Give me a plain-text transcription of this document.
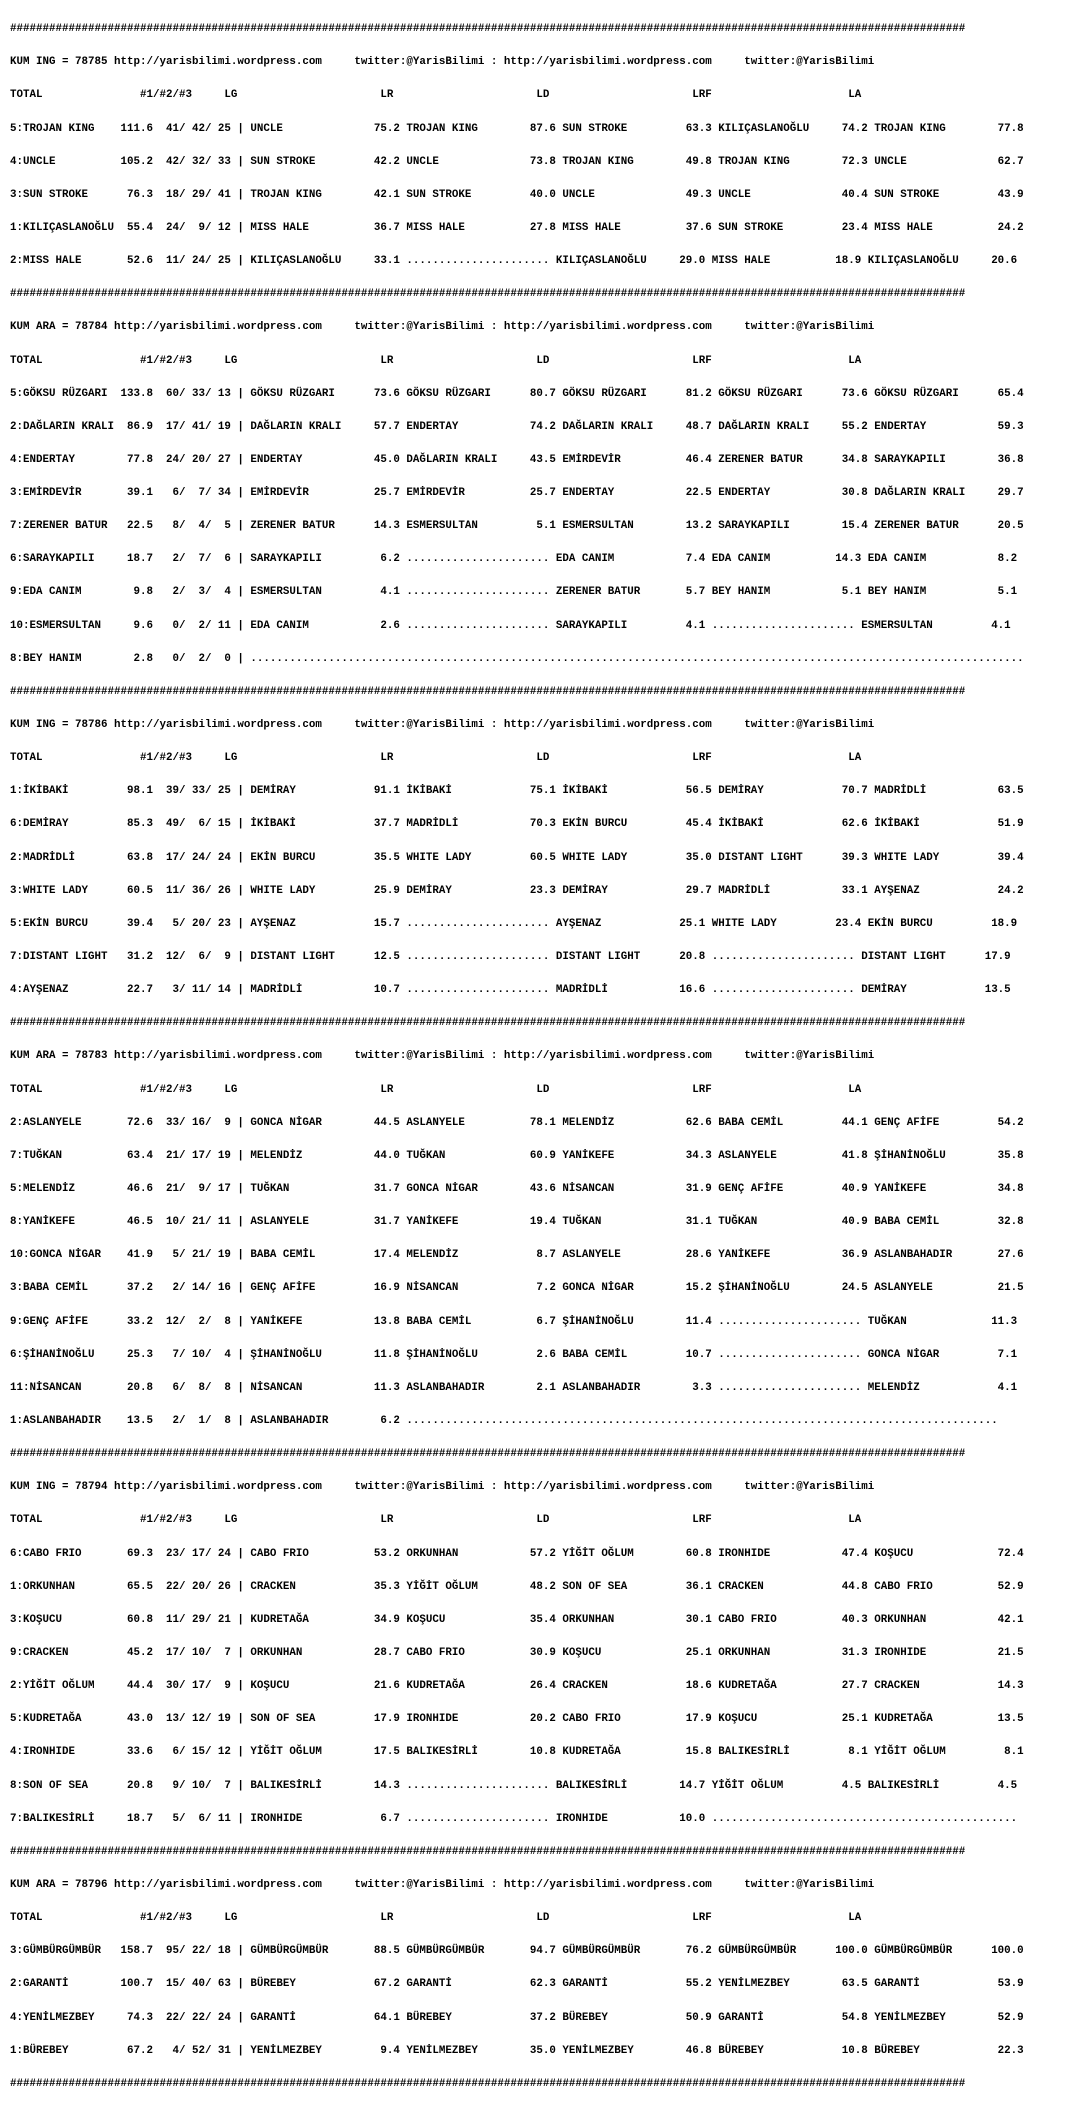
###################################################################################################################################################

KUM ING = 78785 http://yarisbilimi.wordpress.com     twitter:@YarisBilimi : http://yarisbilimi.wordpress.com     twitter:@YarisBilimi

TOTAL               #1/#2/#3     LG                      LR                      LD                      LRF                     LA

5:TROJAN KING    111.6  41/ 42/ 25 | UNCLE              75.2 TROJAN KING        87.6 SUN STROKE         63.3 KILIÇASLANOĞLU     74.2 TROJAN KING        77.8

4:UNCLE          105.2  42/ 32/ 33 | SUN STROKE         42.2 UNCLE              73.8 TROJAN KING        49.8 TROJAN KING        72.3 UNCLE              62.7

3:SUN STROKE      76.3  18/ 29/ 41 | TROJAN KING        42.1 SUN STROKE         40.0 UNCLE              49.3 UNCLE              40.4 SUN STROKE         43.9

1:KILIÇASLANOĞLU  55.4  24/  9/ 12 | MISS HALE          36.7 MISS HALE          27.8 MISS HALE          37.6 SUN STROKE         23.4 MISS HALE          24.2

2:MISS HALE       52.6  11/ 24/ 25 | KILIÇASLANOĞLU     33.1 ...................... KILIÇASLANOĞLU     29.0 MISS HALE          18.9 KILIÇASLANOĞLU     20.6

###################################################################################################################################################

KUM ARA = 78784 http://yarisbilimi.wordpress.com     twitter:@YarisBilimi : http://yarisbilimi.wordpress.com     twitter:@YarisBilimi

TOTAL               #1/#2/#3     LG                      LR                      LD                      LRF                     LA

5:GÖKSU RÜZGARI  133.8  60/ 33/ 13 | GÖKSU RÜZGARI      73.6 GÖKSU RÜZGARI      80.7 GÖKSU RÜZGARI      81.2 GÖKSU RÜZGARI      73.6 GÖKSU RÜZGARI      65.4

2:DAĞLARIN KRALI  86.9  17/ 41/ 19 | DAĞLARIN KRALI     57.7 ENDERTAY           74.2 DAĞLARIN KRALI     48.7 DAĞLARIN KRALI     55.2 ENDERTAY           59.3

4:ENDERTAY        77.8  24/ 20/ 27 | ENDERTAY           45.0 DAĞLARIN KRALI     43.5 EMİRDEVİR          46.4 ZERENER BATUR      34.8 SARAYKAPILI        36.8

3:EMİRDEVİR       39.1   6/  7/ 34 | EMİRDEVİR          25.7 EMİRDEVİR          25.7 ENDERTAY           22.5 ENDERTAY           30.8 DAĞLARIN KRALI     29.7

7:ZERENER BATUR   22.5   8/  4/  5 | ZERENER BATUR      14.3 ESMERSULTAN         5.1 ESMERSULTAN        13.2 SARAYKAPILI        15.4 ZERENER BATUR      20.5

6:SARAYKAPILI     18.7   2/  7/  6 | SARAYKAPILI         6.2 ...................... EDA CANIM           7.4 EDA CANIM          14.3 EDA CANIM           8.2

9:EDA CANIM        9.8   2/  3/  4 | ESMERSULTAN         4.1 ...................... ZERENER BATUR       5.7 BEY HANIM           5.1 BEY HANIM           5.1

10:ESMERSULTAN     9.6   0/  2/ 11 | EDA CANIM           2.6 ...................... SARAYKAPILI         4.1 ...................... ESMERSULTAN         4.1

8:BEY HANIM        2.8   0/  2/  0 | .......................................................................................................................

###################################################################################################################################################

KUM ING = 78786 http://yarisbilimi.wordpress.com     twitter:@YarisBilimi : http://yarisbilimi.wordpress.com     twitter:@YarisBilimi

TOTAL               #1/#2/#3     LG                      LR                      LD                      LRF                     LA

1:İKİBAKİ         98.1  39/ 33/ 25 | DEMİRAY            91.1 İKİBAKİ            75.1 İKİBAKİ            56.5 DEMİRAY            70.7 MADRİDLİ           63.5

6:DEMİRAY         85.3  49/  6/ 15 | İKİBAKİ            37.7 MADRİDLİ           70.3 EKİN BURCU         45.4 İKİBAKİ            62.6 İKİBAKİ            51.9

2:MADRİDLİ        63.8  17/ 24/ 24 | EKİN BURCU         35.5 WHITE LADY         60.5 WHITE LADY         35.0 DISTANT LIGHT      39.3 WHITE LADY         39.4

3:WHITE LADY      60.5  11/ 36/ 26 | WHITE LADY         25.9 DEMİRAY            23.3 DEMİRAY            29.7 MADRİDLİ           33.1 AYŞENAZ            24.2

5:EKİN BURCU      39.4   5/ 20/ 23 | AYŞENAZ            15.7 ...................... AYŞENAZ            25.1 WHITE LADY         23.4 EKİN BURCU         18.9

7:DISTANT LIGHT   31.2  12/  6/  9 | DISTANT LIGHT      12.5 ...................... DISTANT LIGHT      20.8 ...................... DISTANT LIGHT      17.9

4:AYŞENAZ         22.7   3/ 11/ 14 | MADRİDLİ           10.7 ...................... MADRİDLİ           16.6 ...................... DEMİRAY            13.5

###################################################################################################################################################

KUM ARA = 78783 http://yarisbilimi.wordpress.com     twitter:@YarisBilimi : http://yarisbilimi.wordpress.com     twitter:@YarisBilimi

TOTAL               #1/#2/#3     LG                      LR                      LD                      LRF                     LA

2:ASLANYELE       72.6  33/ 16/  9 | GONCA NİGAR        44.5 ASLANYELE          78.1 MELENDİZ           62.6 BABA CEMİL         44.1 GENÇ AFİFE         54.2

7:TUĞKAN          63.4  21/ 17/ 19 | MELENDİZ           44.0 TUĞKAN             60.9 YANİKEFE           34.3 ASLANYELE          41.8 ŞİHANİNOĞLU        35.8

5:MELENDİZ        46.6  21/  9/ 17 | TUĞKAN             31.7 GONCA NİGAR        43.6 NİSANCAN           31.9 GENÇ AFİFE         40.9 YANİKEFE           34.8

8:YANİKEFE        46.5  10/ 21/ 11 | ASLANYELE          31.7 YANİKEFE           19.4 TUĞKAN             31.1 TUĞKAN             40.9 BABA CEMİL         32.8

10:GONCA NİGAR    41.9   5/ 21/ 19 | BABA CEMİL         17.4 MELENDİZ            8.7 ASLANYELE          28.6 YANİKEFE           36.9 ASLANBAHADIR       27.6

3:BABA CEMİL      37.2   2/ 14/ 16 | GENÇ AFİFE         16.9 NİSANCAN            7.2 GONCA NİGAR        15.2 ŞİHANİNOĞLU        24.5 ASLANYELE          21.5

9:GENÇ AFİFE      33.2  12/  2/  8 | YANİKEFE           13.8 BABA CEMİL          6.7 ŞİHANİNOĞLU        11.4 ...................... TUĞKAN             11.3

6:ŞİHANİNOĞLU     25.3   7/ 10/  4 | ŞİHANİNOĞLU        11.8 ŞİHANİNOĞLU         2.6 BABA CEMİL         10.7 ...................... GONCA NİGAR         7.1

11:NİSANCAN       20.8   6/  8/  8 | NİSANCAN           11.3 ASLANBAHADIR        2.1 ASLANBAHADIR        3.3 ...................... MELENDİZ            4.1

1:ASLANBAHADIR    13.5   2/  1/  8 | ASLANBAHADIR        6.2 ...........................................................................................

###################################################################################################################################################

KUM ING = 78794 http://yarisbilimi.wordpress.com     twitter:@YarisBilimi : http://yarisbilimi.wordpress.com     twitter:@YarisBilimi

TOTAL               #1/#2/#3     LG                      LR                      LD                      LRF                     LA

6:CABO FRIO       69.3  23/ 17/ 24 | CABO FRIO          53.2 ORKUNHAN           57.2 YİĞİT OĞLUM        60.8 IRONHIDE           47.4 KOŞUCU             72.4

1:ORKUNHAN        65.5  22/ 20/ 26 | CRACKEN            35.3 YİĞİT OĞLUM        48.2 SON OF SEA         36.1 CRACKEN            44.8 CABO FRIO          52.9

3:KOŞUCU          60.8  11/ 29/ 21 | KUDRETAĞA          34.9 KOŞUCU             35.4 ORKUNHAN           30.1 CABO FRIO          40.3 ORKUNHAN           42.1

9:CRACKEN         45.2  17/ 10/  7 | ORKUNHAN           28.7 CABO FRIO          30.9 KOŞUCU             25.1 ORKUNHAN           31.3 IRONHIDE           21.5

2:YİĞİT OĞLUM     44.4  30/ 17/  9 | KOŞUCU             21.6 KUDRETAĞA          26.4 CRACKEN            18.6 KUDRETAĞA          27.7 CRACKEN            14.3

5:KUDRETAĞA       43.0  13/ 12/ 19 | SON OF SEA         17.9 IRONHIDE           20.2 CABO FRIO          17.9 KOŞUCU             25.1 KUDRETAĞA          13.5

4:IRONHIDE        33.6   6/ 15/ 12 | YİĞİT OĞLUM        17.5 BALIKESİRLİ        10.8 KUDRETAĞA          15.8 BALIKESİRLİ         8.1 YİĞİT OĞLUM         8.1

8:SON OF SEA      20.8   9/ 10/  7 | BALIKESİRLİ        14.3 ...................... BALIKESİRLİ        14.7 YİĞİT OĞLUM         4.5 BALIKESİRLİ         4.5

7:BALIKESİRLİ     18.7   5/  6/ 11 | IRONHIDE            6.7 ...................... IRONHIDE           10.0 ...............................................

###################################################################################################################################################

KUM ARA = 78796 http://yarisbilimi.wordpress.com     twitter:@YarisBilimi : http://yarisbilimi.wordpress.com     twitter:@YarisBilimi

TOTAL               #1/#2/#3     LG                      LR                      LD                      LRF                     LA

3:GÜMBÜRGÜMBÜR   158.7  95/ 22/ 18 | GÜMBÜRGÜMBÜR       88.5 GÜMBÜRGÜMBÜR       94.7 GÜMBÜRGÜMBÜR       76.2 GÜMBÜRGÜMBÜR      100.0 GÜMBÜRGÜMBÜR      100.0

2:GARANTİ        100.7  15/ 40/ 63 | BÜREBEY            67.2 GARANTİ            62.3 GARANTİ            55.2 YENİLMEZBEY        63.5 GARANTİ            53.9

4:YENİLMEZBEY     74.3  22/ 22/ 24 | GARANTİ            64.1 BÜREBEY            37.2 BÜREBEY            50.9 GARANTİ            54.8 YENİLMEZBEY        52.9

1:BÜREBEY         67.2   4/ 52/ 31 | YENİLMEZBEY         9.4 YENİLMEZBEY        35.0 YENİLMEZBEY        46.8 BÜREBEY            10.8 BÜREBEY            22.3

###################################################################################################################################################
